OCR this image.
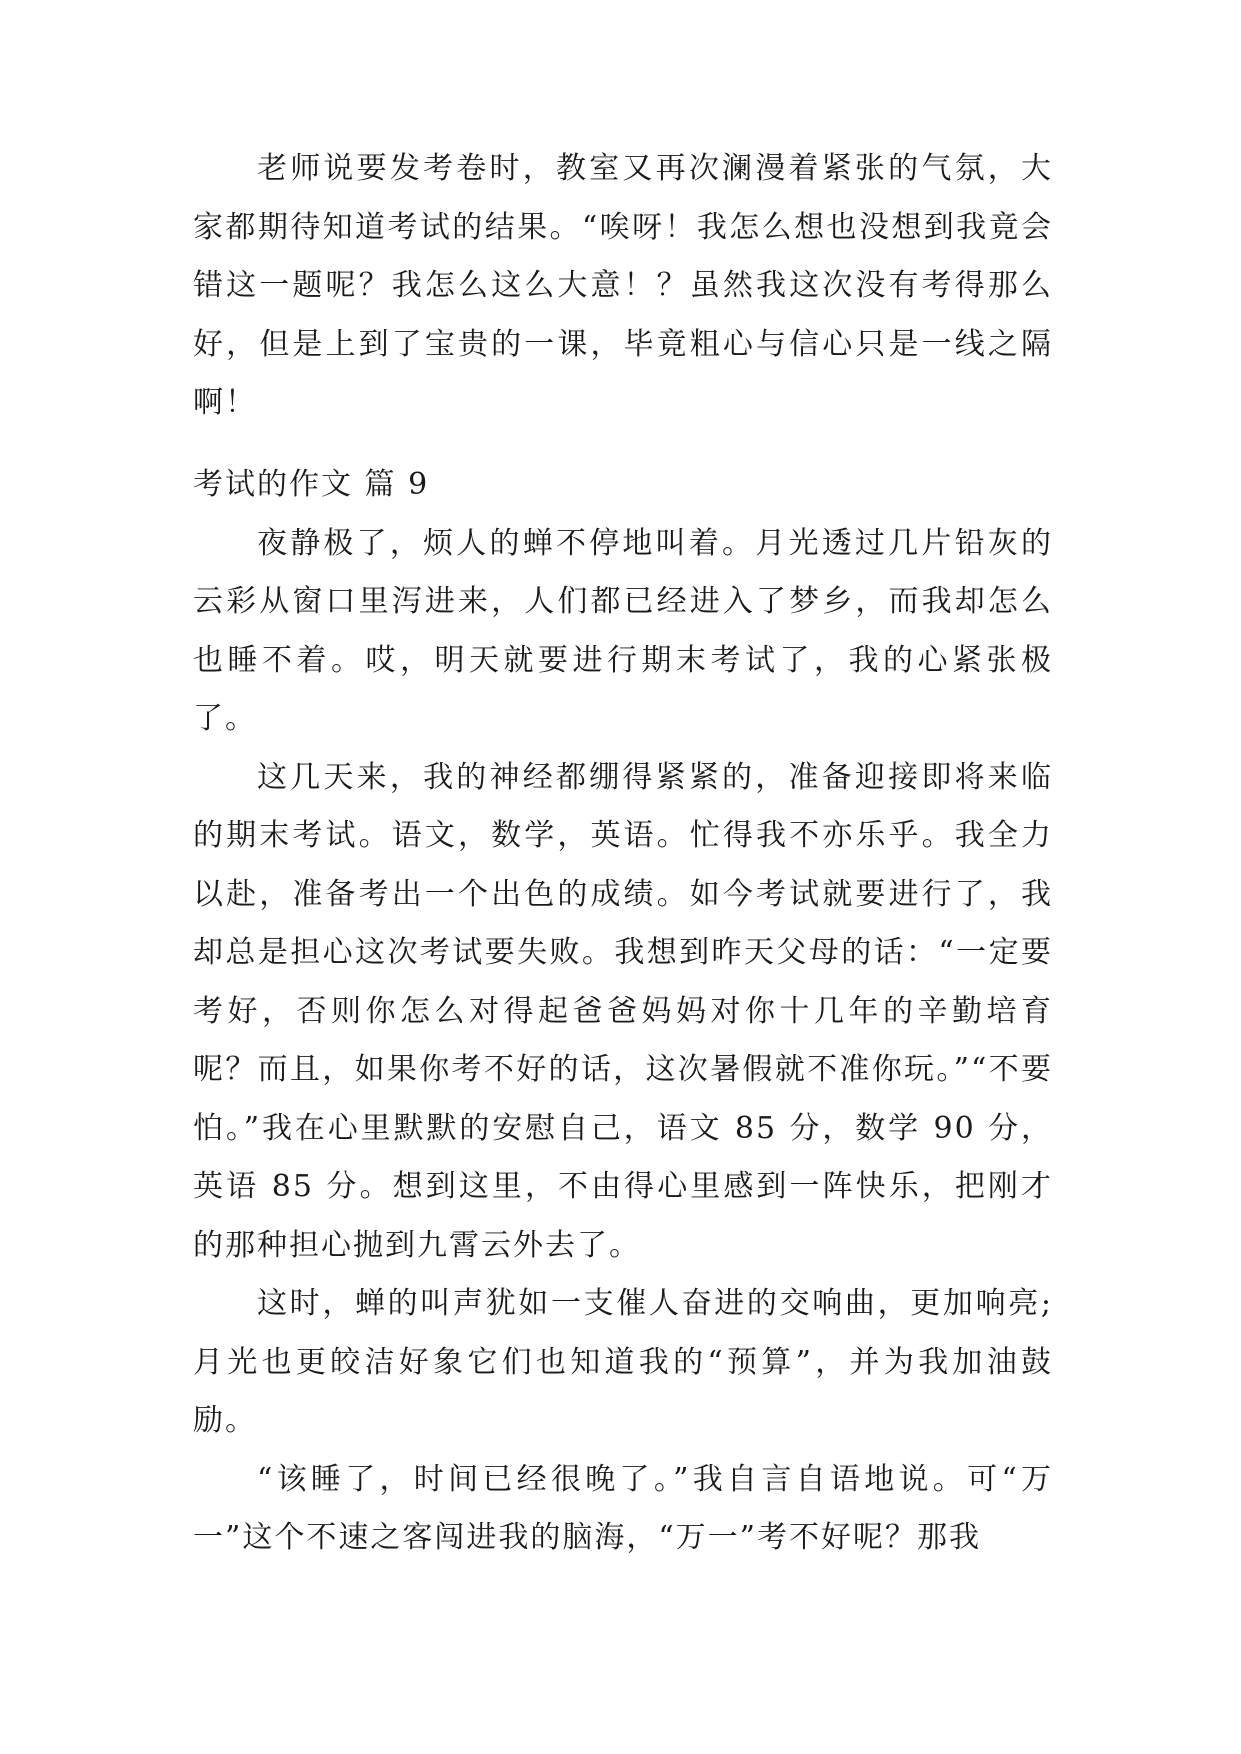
老师说要发考卷时，教室又再次澜漫着紧张的气氛，大家都期待知道考试的结果。“唉呀！我怎么想也没想到我竟会错这一题呢？我怎么这么大意！？虽然我这次没有考得那么好，但是上到了宝贵的一课，毕竟粗心与信心只是一线之隔啊！

考试的作文 篇 9

夜静极了，烦人的蝉不停地叫着。月光透过几片铅灰的云彩从窗口里泻进来，人们都已经进入了梦乡，而我却怎么也睡不着。哎，明天就要进行期末考试了，我的心紧张极了。

这几天来，我的神经都绷得紧紧的，准备迎接即将来临的期末考试。语文，数学，英语。忙得我不亦乐乎。我全力以赴，准备考出一个出色的成绩。如今考试就要进行了，我却总是担心这次考试要失败。我想到昨天父母的话：“一定要考好，否则你怎么对得起爸爸妈妈对你十几年的辛勤培育呢？而且，如果你考不好的话，这次暑假就不准你玩。”“不要怕。”我在心里默默的安慰自己，语文 85 分，数学 90 分，英语 85 分。想到这里，不由得心里感到一阵快乐，把刚才的那种担心抛到九霄云外去了。

这时，蝉的叫声犹如一支催人奋进的交响曲，更加响亮;月光也更皎洁好象它们也知道我的“预算”，并为我加油鼓励。

“该睡了，时间已经很晚了。”我自言自语地说。可“万一”这个不速之客闯进我的脑海，“万一”考不好呢？那我
